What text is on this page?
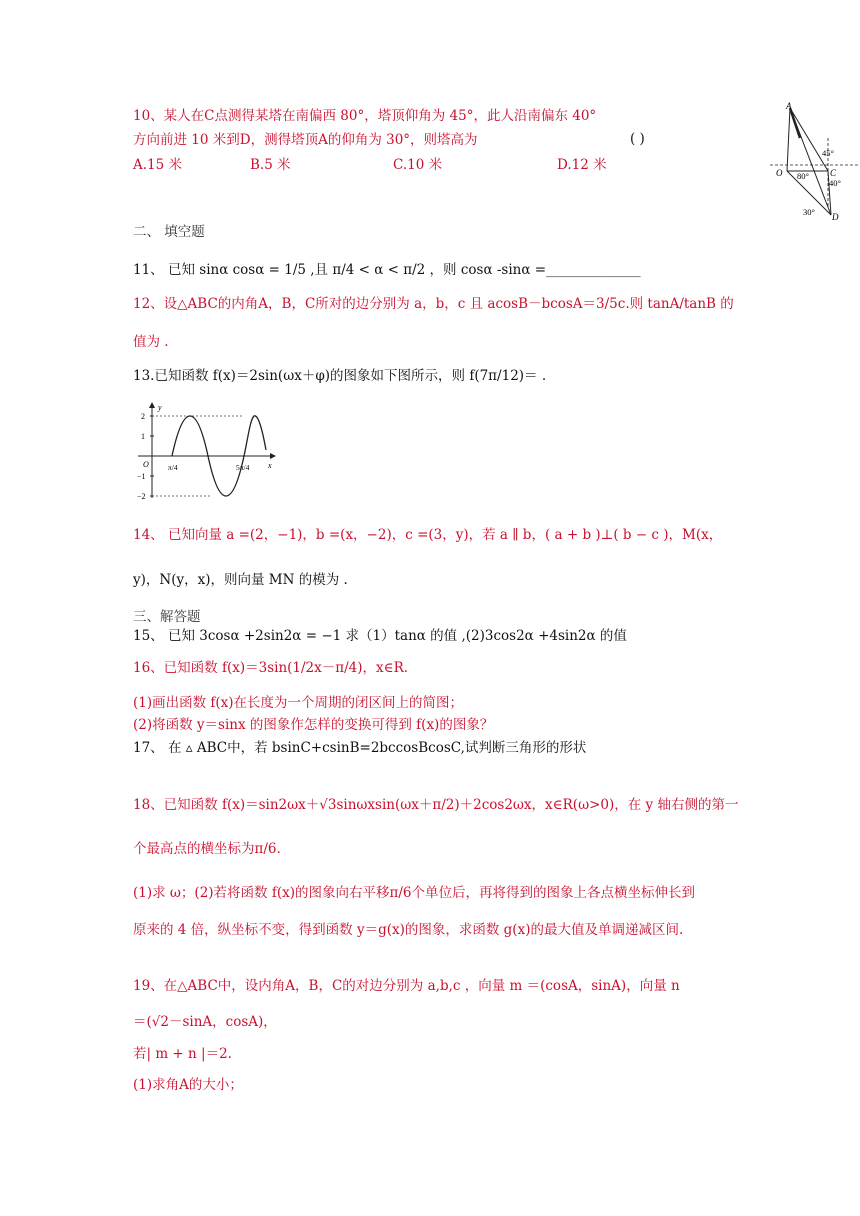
10、某人在C点测得某塔在南偏西 80°，塔顶仰角为 45°，此人沿南偏东 40°
方向前进 10 米到D，测得塔顶A的仰角为 30°，则塔高为	( )
A.15 米	B.5 米	C.10 米	D.12 米
A
O	C
D
45°
80°
40°
30°
二、 填空题
11、 已知 sinα cosα = 1/5 ,且 π/4 < α < π/2 ，则 cosα -sinα =______________
12、设△ABC的内角A，B，C所对的边分别为 a，b，c 且 acosB－bcosA＝3/5c.则 tanA/tanB 的
值为 .
13.已知函数 f(x)＝2sin(ωx＋φ)的图象如下图所示，则 f(7π/12)＝ .
y
x
O
2
1
−1
−2
π/4	5π/4
14、 已知向量 a =(2，−1)，b =(x，−2)，c =(3，y)，若 a ∥ b，( a + b )⊥( b − c )，M(x，
y)，N(y，x)，则向量 MN 的模为 .
三、解答题
15、 已知 3cosα +2sin2α = −1 求（1）tanα 的值 ,(2)3cos2α +4sin2α 的值
16、已知函数 f(x)＝3sin(1/2x－π/4)，x∈R.
(1)画出函数 f(x)在长度为一个周期的闭区间上的简图；
(2)将函数 y＝sinx 的图象作怎样的变换可得到 f(x)的图象？
17、 在 ▵ ABC中，若 bsinC+csinB=2bccosBcosC,试判断三角形的形状
18、已知函数 f(x)＝sin2ωx＋√3sinωxsin(ωx＋π/2)＋2cos2ωx，x∈R(ω>0)，在 y 轴右侧的第一
个最高点的横坐标为π/6.
(1)求 ω；(2)若将函数 f(x)的图象向右平移π/6个单位后，再将得到的图象上各点横坐标伸长到
原来的 4 倍，纵坐标不变，得到函数 y＝g(x)的图象，求函数 g(x)的最大值及单调递减区间.
19、在△ABC中，设内角A，B，C的对边分别为 a,b,c ，向量 m ＝(cosA，sinA)，向量 n
＝(√2－sinA，cosA)，
若| m + n |＝2.
(1)求角A的大小；
